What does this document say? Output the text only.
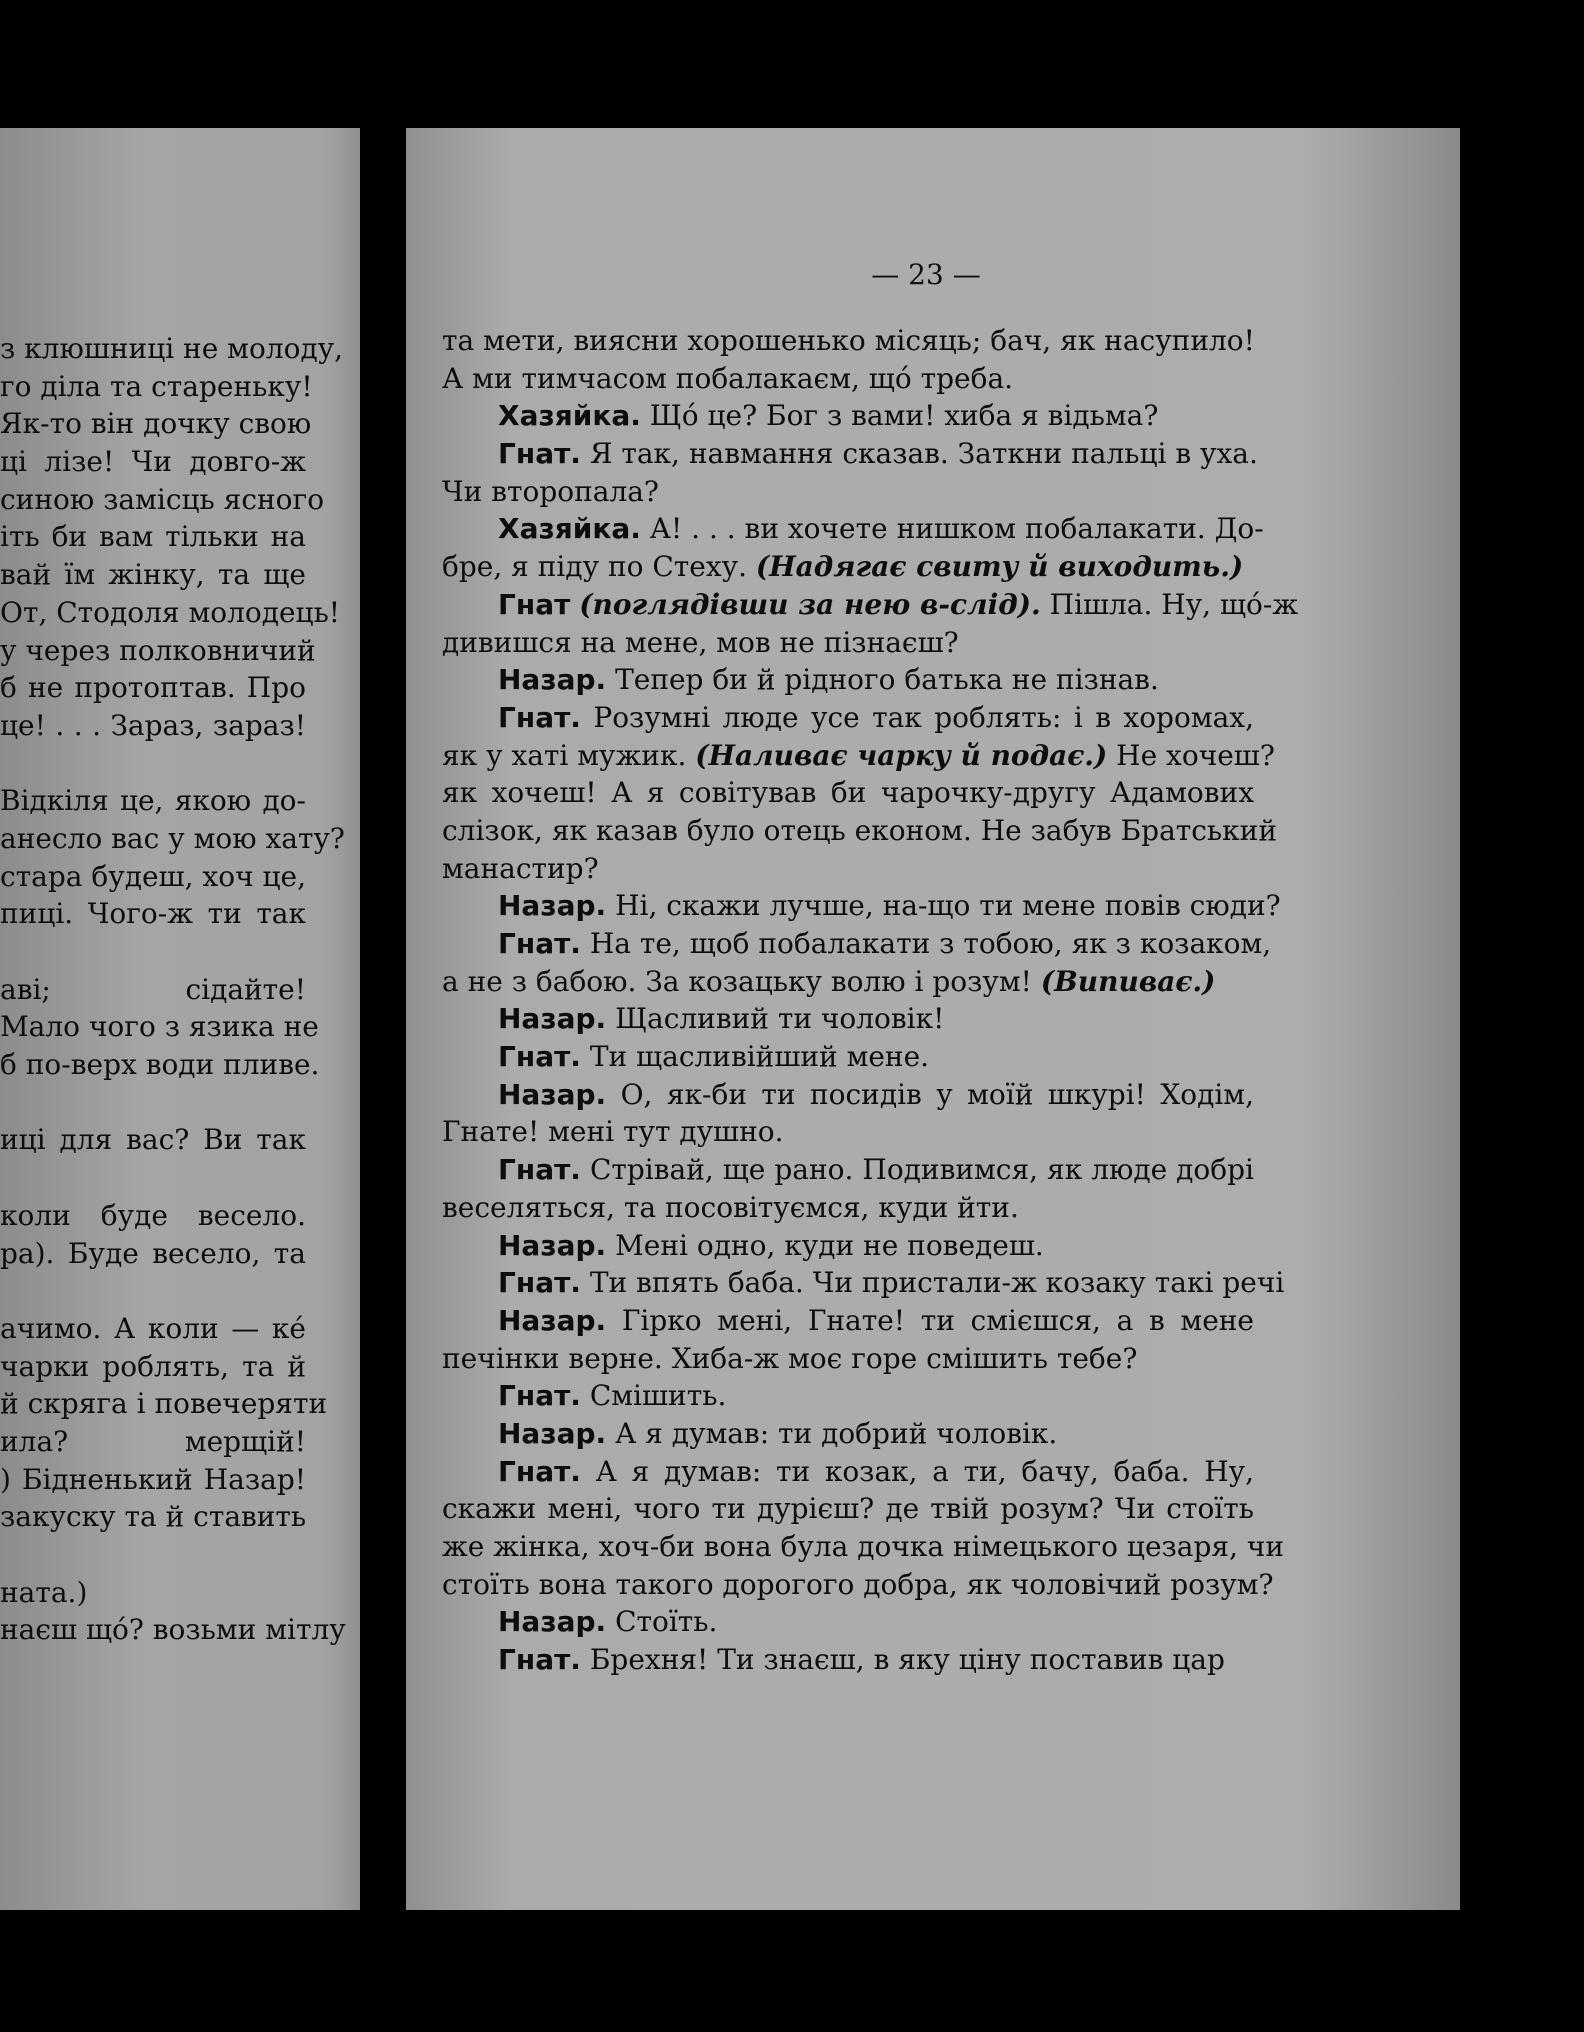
з клюшниці не молоду,
го діла та стареньку!
Як-то він дочку свою
ці лізе! Чи довго-ж
синою замісць ясного
іть би вам тільки на
вай їм жінку, та ще
От, Стодоля молодець!
у через полковничий
б не протоптав. Про
це! . . . Зараз, зараз!

Відкіля це, якою до-
анесло вас у мою хату?
стара будеш, хоч це,
пиці. Чого-ж ти так

аві; сідайте!
Мало чого з язика не
б по-верх води пливе.

иці для вас? Ви так

коли буде весело.
ра). Буде весело, та

ачимо. А коли — кé
чарки роблять, та й
й скряга і повечеряти
ила? мерщій!
) Бідненький Назар!
закуску та й ставить

ната.)
наєш щó? возьми мітлу
— 23 —
та мети, виясни хорошенько місяць; бач, як насупило!
А ми тимчасом побалакаєм, щó треба.
Хазяйка. Щó це? Бог з вами! хиба я відьма?
Гнат. Я так, навмання сказав. Заткни пальці в уха.
Чи второпала?
Хазяйка. А! . . . ви хочете нишком побалакати. До-
бре, я піду по Стеху. (Надягає свиту й виходить.)
Гнат (поглядівши за нею в-слід). Пішла. Ну, щó-ж
дивишся на мене, мов не пізнаєш?
Назар. Тепер би й рідного батька не пізнав.
Гнат. Розумні люде усе так роблять: і в хоромах,
як у хаті мужик. (Наливає чарку й подає.) Не хочеш?
як хочеш! А я совітував би чарочку-другу Адамових
слізок, як казав було отець економ. Не забув Братський
манастир?
Назар. Ні, скажи лучше, на-що ти мене повів сюди?
Гнат. На те, щоб побалакати з тобою, як з козаком,
а не з бабою. За козацьку волю і розум! (Випиває.)
Назар. Щасливий ти чоловік!
Гнат. Ти щасливійший мене.
Назар. О, як-би ти посидів у моїй шкурі! Ходім,
Гнате! мені тут душно.
Гнат. Стрівай, ще рано. Подивимся, як люде добрі
веселяться, та посовітуємся, куди йти.
Назар. Мені одно, куди не поведеш.
Гнат. Ти впять баба. Чи пристали-ж козаку такі речі
Назар. Гірко мені, Гнате! ти смієшся, а в мене
печінки верне. Хиба-ж моє горе смішить тебе?
Гнат. Смішить.
Назар. А я думав: ти добрий чоловік.
Гнат. А я думав: ти козак, а ти, бачу, баба. Ну,
скажи мені, чого ти дурієш? де твій розум? Чи стоїть
же жінка, хоч-би вона була дочка німецького цезаря, чи
стоїть вона такого дорогого добра, як чоловічий розум?
Назар. Стоїть.
Гнат. Брехня! Ти знаєш, в яку ціну поставив цар
